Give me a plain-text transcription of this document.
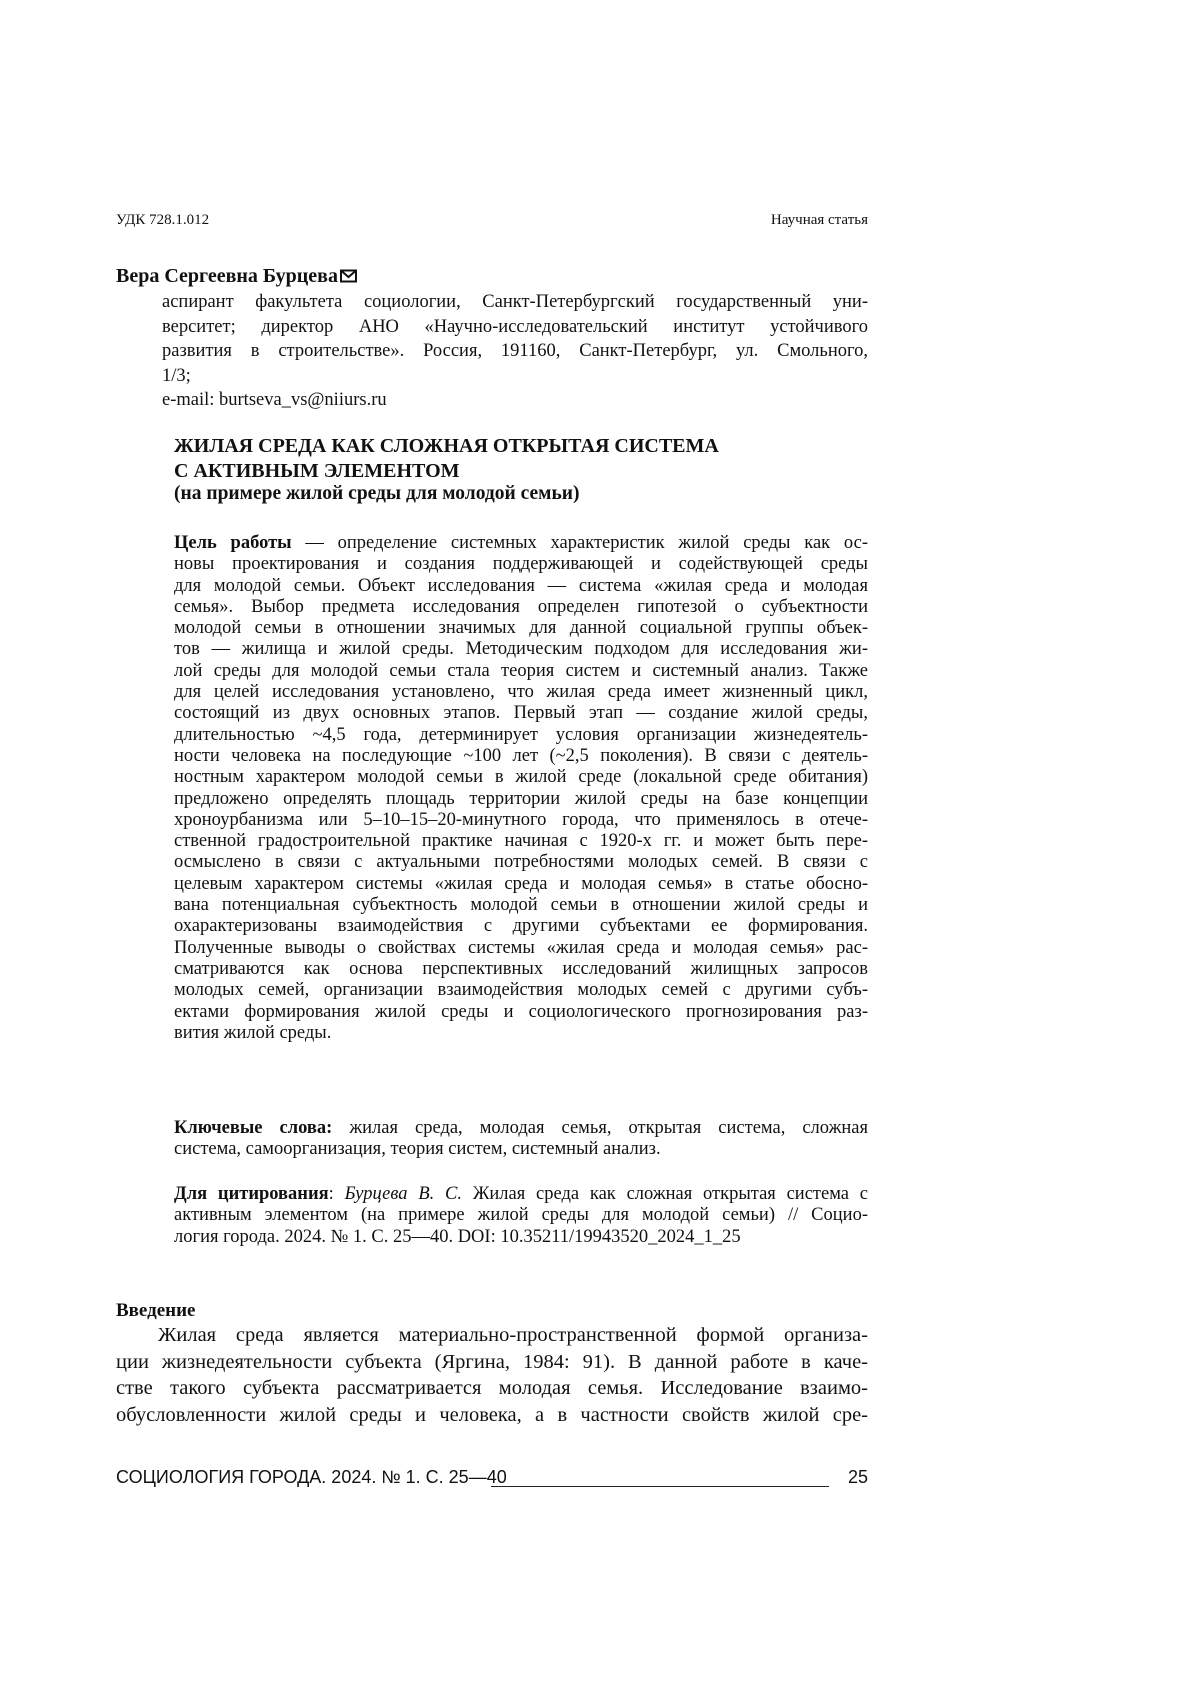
УДК 728.1.012	Научная статья
Вера Сергеевна Бурцева
аспирант факультета социологии, Санкт-Петербургский государственный уни-
верситет; директор АНО «Научно-исследовательский институт устойчивого
развития в строительстве». Россия, 191160, Санкт-Петербург, ул. Смольного,
1/3;
e-mail: burtseva_vs@niiurs.ru
ЖИЛАЯ СРЕДА КАК СЛОЖНАЯ ОТКРЫТАЯ СИСТЕМА
С АКТИВНЫМ ЭЛЕМЕНТОМ
(на примере жилой среды для молодой семьи)
Цель работы — определение системных характеристик жилой среды как ос-
новы проектирования и создания поддерживающей и содействующей среды
для молодой семьи. Объект исследования — система «жилая среда и молодая
семья». Выбор предмета исследования определен гипотезой о субъектности
молодой семьи в отношении значимых для данной социальной группы объек-
тов — жилища и жилой среды. Методическим подходом для исследования жи-
лой среды для молодой семьи стала теория систем и системный анализ. Также
для целей исследования установлено, что жилая среда имеет жизненный цикл,
состоящий из двух основных этапов. Первый этап — создание жилой среды,
длительностью ~4,5 года, детерминирует условия организации жизнедеятель-
ности человека на последующие ~100 лет (~2,5 поколения). В связи с деятель-
ностным характером молодой семьи в жилой среде (локальной среде обитания)
предложено определять площадь территории жилой среды на базе концепции
хроноурбанизма или 5–10–15–20-минутного города, что применялось в отече-
ственной градостроительной практике начиная с 1920-х гг. и может быть пере-
осмыслено в связи с актуальными потребностями молодых семей. В связи с
целевым характером системы «жилая среда и молодая семья» в статье обосно-
вана потенциальная субъектность молодой семьи в отношении жилой среды и
охарактеризованы взаимодействия с другими субъектами ее формирования.
Полученные выводы о свойствах системы «жилая среда и молодая семья» рас-
сматриваются как основа перспективных исследований жилищных запросов
молодых семей, организации взаимодействия молодых семей с другими субъ-
ектами формирования жилой среды и социологического прогнозирования раз-
вития жилой среды.
Ключевые слова: жилая среда, молодая семья, открытая система, сложная
система, самоорганизация, теория систем, системный анализ.
Для цитирования: Бурцева В. С. Жилая среда как сложная открытая система с
активным элементом (на примере жилой среды для молодой семьи) // Социо-
логия города. 2024. № 1. С. 25—40. DOI: 10.35211/19943520_2024_1_25
Введение
Жилая среда является материально-пространственной формой организа-
ции жизнедеятельности субъекта (Яргина, 1984: 91). В данной работе в каче-
стве такого субъекта рассматривается молодая семья. Исследование взаимо-
обусловленности жилой среды и человека, а в частности свойств жилой сре-
СОЦИОЛОГИЯ ГОРОДА. 2024. № 1. С. 25—40	25
